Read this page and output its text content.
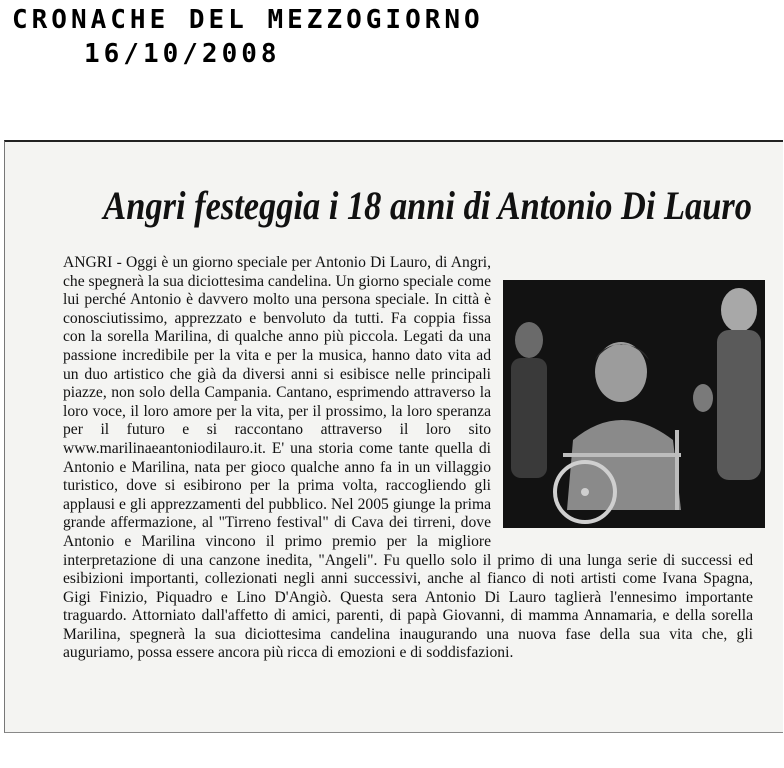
CRONACHE DEL MEZZOGIORNO
16/10/2008
Angri festeggia i 18 anni di Antonio Di Lauro

ANGRI - Oggi è un giorno speciale per Antonio Di Lauro, di Angri, che spegnerà la sua diciottesima candelina. Un giorno speciale come lui perché Antonio è davvero molto una persona speciale. In città è conosciutissimo, apprezzato e benvoluto da tutti. Fa coppia fissa con la sorella Marilina, di qualche anno più piccola. Legati da una passione incredibile per la vita e per la musica, hanno dato vita ad un duo artistico che già da diversi anni si esibisce nelle principali piazze, non solo della Campania. Cantano, esprimendo attraverso la loro voce, il loro amore per la vita, per il prossimo, la loro speranza per il futuro e si raccontano attraverso il loro sito www.marilinaeantoniodilauro.it. E' una storia come tante quella di Antonio e Marilina, nata per gioco qualche anno fa in un villaggio turistico, dove si esibirono per la prima volta, raccogliendo gli applausi e gli apprezzamenti del pubblico. Nel 2005 giunge la prima grande affermazione, al "Tirreno festival" di Cava dei tirreni, dove Antonio e Marilina vincono il primo premio per la migliore interpretazione di una canzone inedita, "Angeli". Fu quello solo il primo di una lunga serie di successi ed esibizioni importanti, collezionati negli anni successivi, anche al fianco di noti artisti come Ivana Spagna, Gigi Finizio, Piquadro e Lino D'Angiò. Questa sera Antonio Di Lauro taglierà l'ennesimo importante traguardo. Attorniato dall'affetto di amici, parenti, di papà Giovanni, di mamma Annamaria, e della sorella Marilina, spegnerà la sua diciottesima candelina inaugurando una nuova fase della sua vita che, gli auguriamo, possa essere ancora più ricca di emozioni e di soddisfazioni.
